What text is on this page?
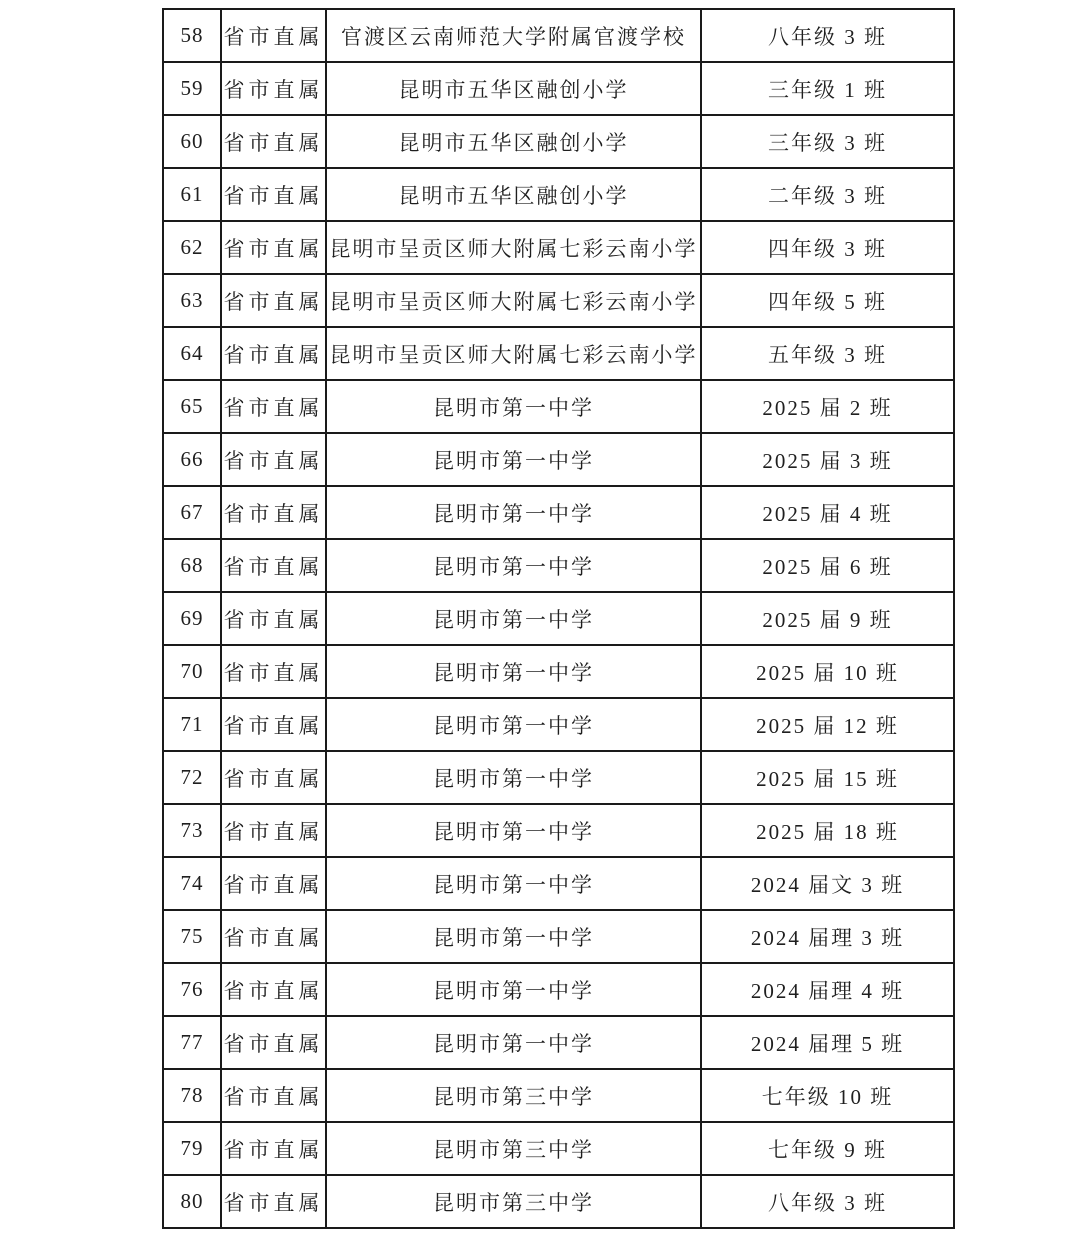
58	省市直属	官渡区云南师范大学附属官渡学校	八年级 3 班
59	省市直属	昆明市五华区融创小学	三年级 1 班
60	省市直属	昆明市五华区融创小学	三年级 3 班
61	省市直属	昆明市五华区融创小学	二年级 3 班
62	省市直属	昆明市呈贡区师大附属七彩云南小学	四年级 3 班
63	省市直属	昆明市呈贡区师大附属七彩云南小学	四年级 5 班
64	省市直属	昆明市呈贡区师大附属七彩云南小学	五年级 3 班
65	省市直属	昆明市第一中学	2025 届 2 班
66	省市直属	昆明市第一中学	2025 届 3 班
67	省市直属	昆明市第一中学	2025 届 4 班
68	省市直属	昆明市第一中学	2025 届 6 班
69	省市直属	昆明市第一中学	2025 届 9 班
70	省市直属	昆明市第一中学	2025 届 10 班
71	省市直属	昆明市第一中学	2025 届 12 班
72	省市直属	昆明市第一中学	2025 届 15 班
73	省市直属	昆明市第一中学	2025 届 18 班
74	省市直属	昆明市第一中学	2024 届文 3 班
75	省市直属	昆明市第一中学	2024 届理 3 班
76	省市直属	昆明市第一中学	2024 届理 4 班
77	省市直属	昆明市第一中学	2024 届理 5 班
78	省市直属	昆明市第三中学	七年级 10 班
79	省市直属	昆明市第三中学	七年级 9 班
80	省市直属	昆明市第三中学	八年级 3 班
